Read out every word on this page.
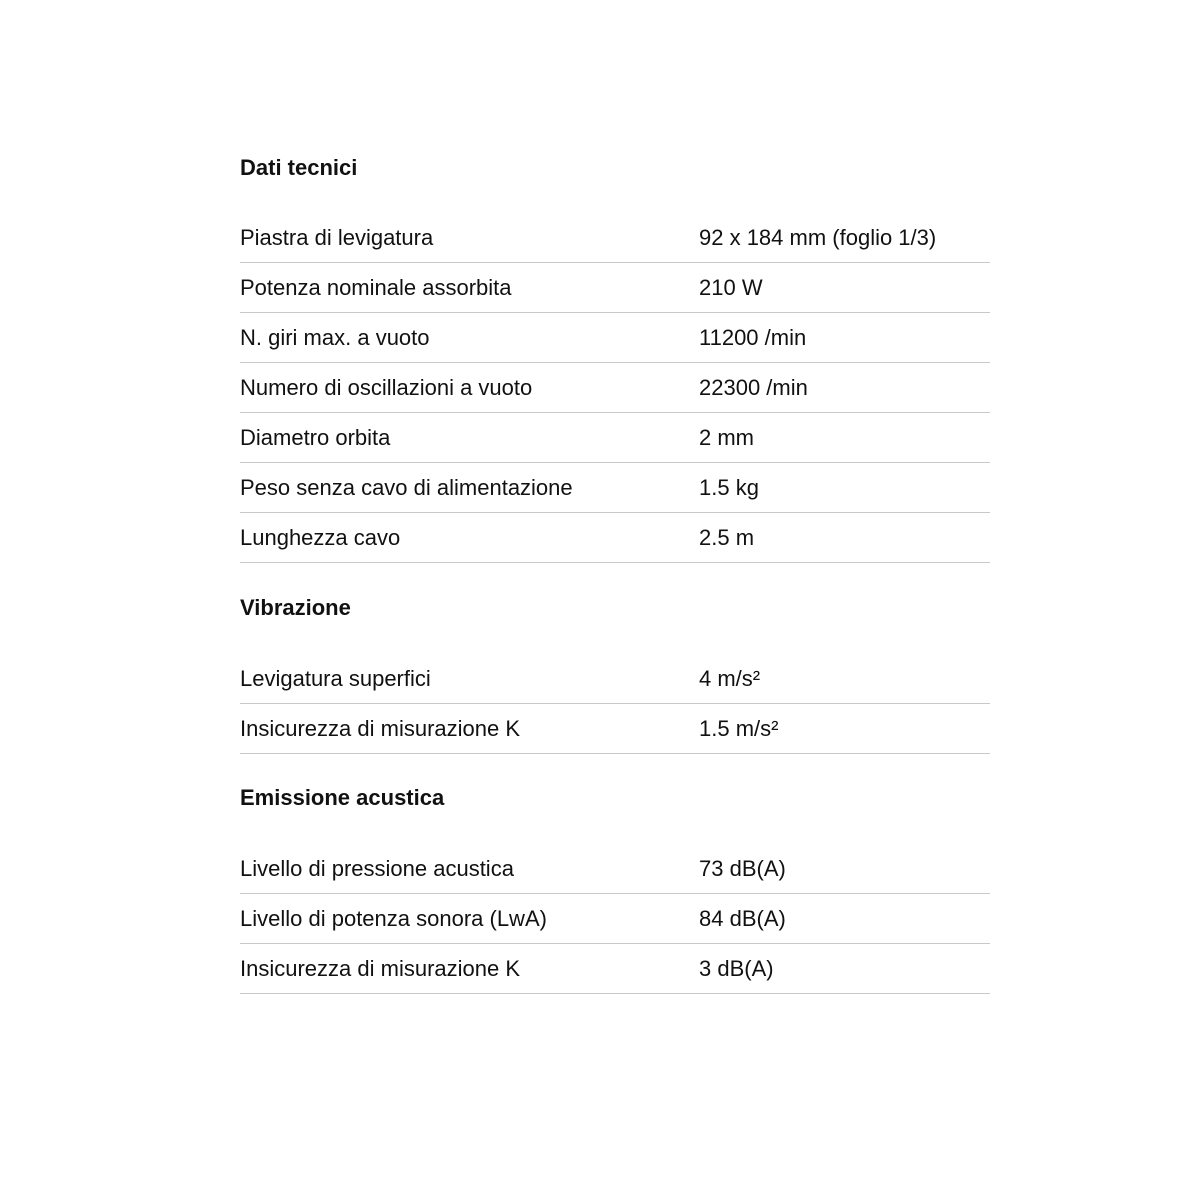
Dati tecnici
Piastra di levigatura	92 x 184 mm (foglio 1/3)
Potenza nominale assorbita	210 W
N. giri max. a vuoto	11200 /min
Numero di oscillazioni a vuoto	22300 /min
Diametro orbita	2 mm
Peso senza cavo di alimentazione	1.5 kg
Lunghezza cavo	2.5 m
Vibrazione
Levigatura superfici	4 m/s²
Insicurezza di misurazione K	1.5 m/s²
Emissione acustica
Livello di pressione acustica	73 dB(A)
Livello di potenza sonora (LwA)	84 dB(A)
Insicurezza di misurazione K	3 dB(A)
